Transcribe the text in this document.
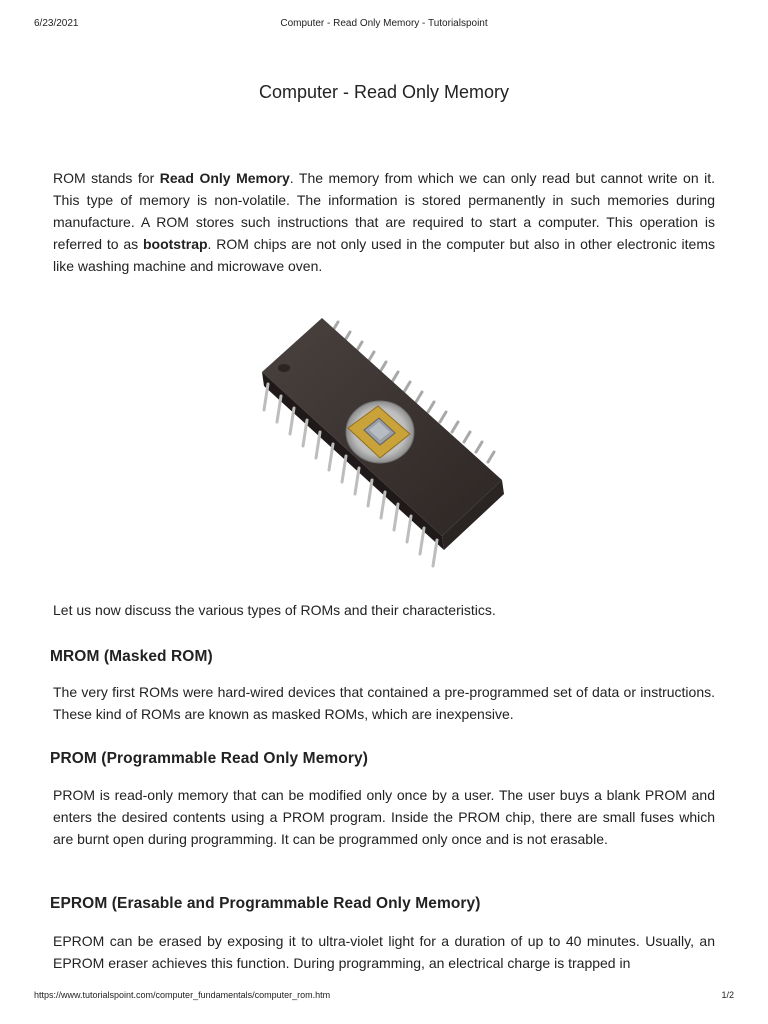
6/23/2021	Computer - Read Only Memory - Tutorialspoint
Computer - Read Only Memory

ROM stands for Read Only Memory. The memory from which we can only read but cannot write on it. This type of memory is non-volatile. The information is stored permanently in such memories during manufacture. A ROM stores such instructions that are required to start a computer. This operation is referred to as bootstrap. ROM chips are not only used in the computer but also in other electronic items like washing machine and microwave oven.

Let us now discuss the various types of ROMs and their characteristics.

MROM (Masked ROM)

The very first ROMs were hard-wired devices that contained a pre-programmed set of data or instructions. These kind of ROMs are known as masked ROMs, which are inexpensive.

PROM (Programmable Read Only Memory)

PROM is read-only memory that can be modified only once by a user. The user buys a blank PROM and enters the desired contents using a PROM program. Inside the PROM chip, there are small fuses which are burnt open during programming. It can be programmed only once and is not erasable.

EPROM (Erasable and Programmable Read Only Memory)

EPROM can be erased by exposing it to ultra-violet light for a duration of up to 40 minutes. Usually, an EPROM eraser achieves this function. During programming, an electrical charge is trapped in

https://www.tutorialspoint.com/computer_fundamentals/computer_rom.htm	1/2
